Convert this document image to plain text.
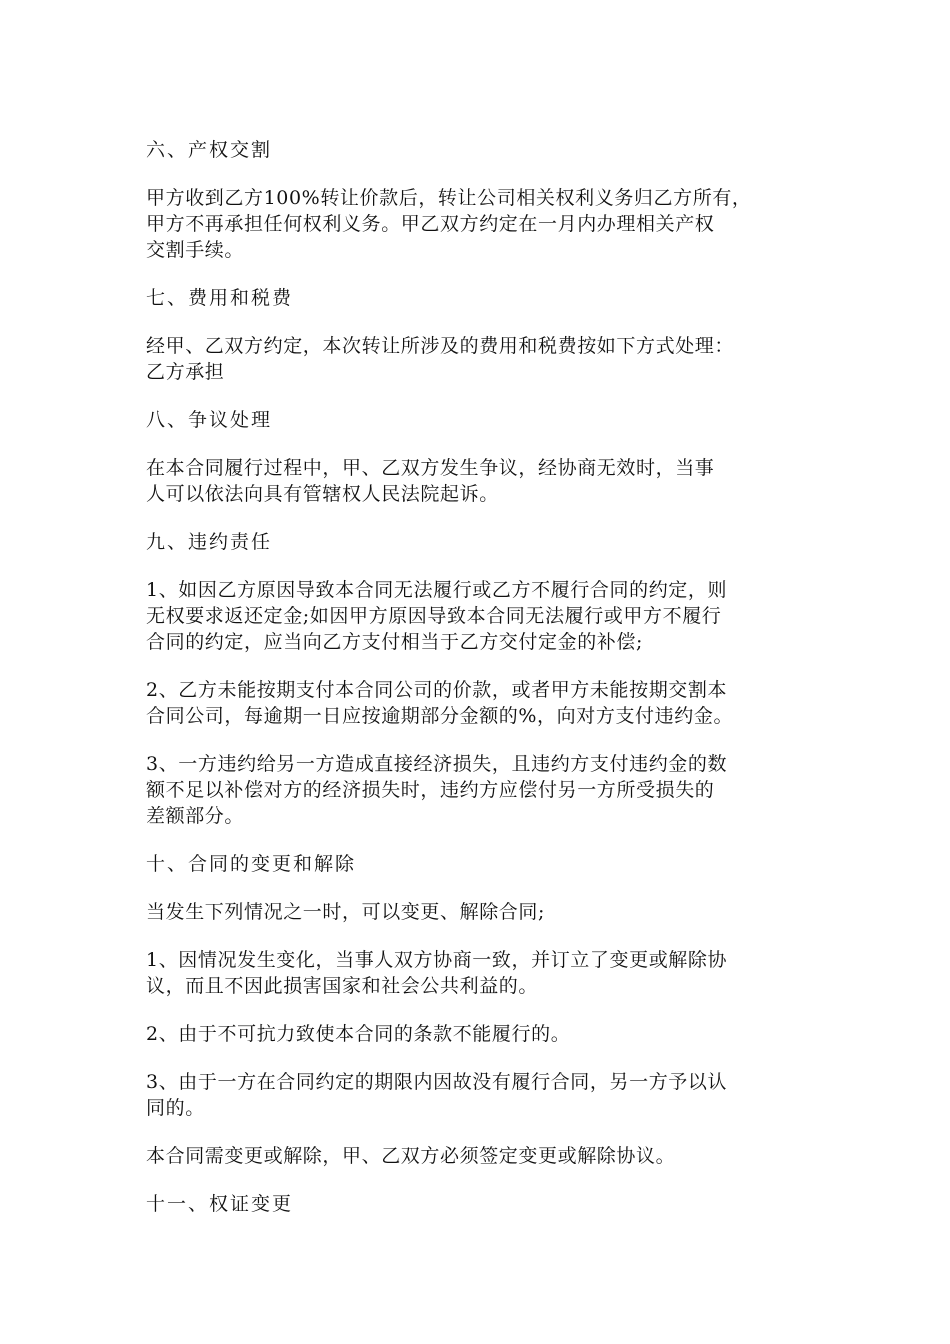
六、产权交割
甲方收到乙方100%转让价款后，转让公司相关权利义务归乙方所有，
甲方不再承担任何权利义务。甲乙双方约定在一月内办理相关产权
交割手续。
七、费用和税费
经甲、乙双方约定，本次转让所涉及的费用和税费按如下方式处理：
乙方承担
八、争议处理
在本合同履行过程中，甲、乙双方发生争议，经协商无效时，当事
人可以依法向具有管辖权人民法院起诉。
九、违约责任
1、如因乙方原因导致本合同无法履行或乙方不履行合同的约定，则
无权要求返还定金;如因甲方原因导致本合同无法履行或甲方不履行
合同的约定，应当向乙方支付相当于乙方交付定金的补偿;
2、乙方未能按期支付本合同公司的价款，或者甲方未能按期交割本
合同公司，每逾期一日应按逾期部分金额的%，向对方支付违约金。
3、一方违约给另一方造成直接经济损失，且违约方支付违约金的数
额不足以补偿对方的经济损失时，违约方应偿付另一方所受损失的
差额部分。
十、合同的变更和解除
当发生下列情况之一时，可以变更、解除合同;
1、因情况发生变化，当事人双方协商一致，并订立了变更或解除协
议，而且不因此损害国家和社会公共利益的。
2、由于不可抗力致使本合同的条款不能履行的。
3、由于一方在合同约定的期限内因故没有履行合同，另一方予以认
同的。
本合同需变更或解除，甲、乙双方必须签定变更或解除协议。
十一、权证变更
